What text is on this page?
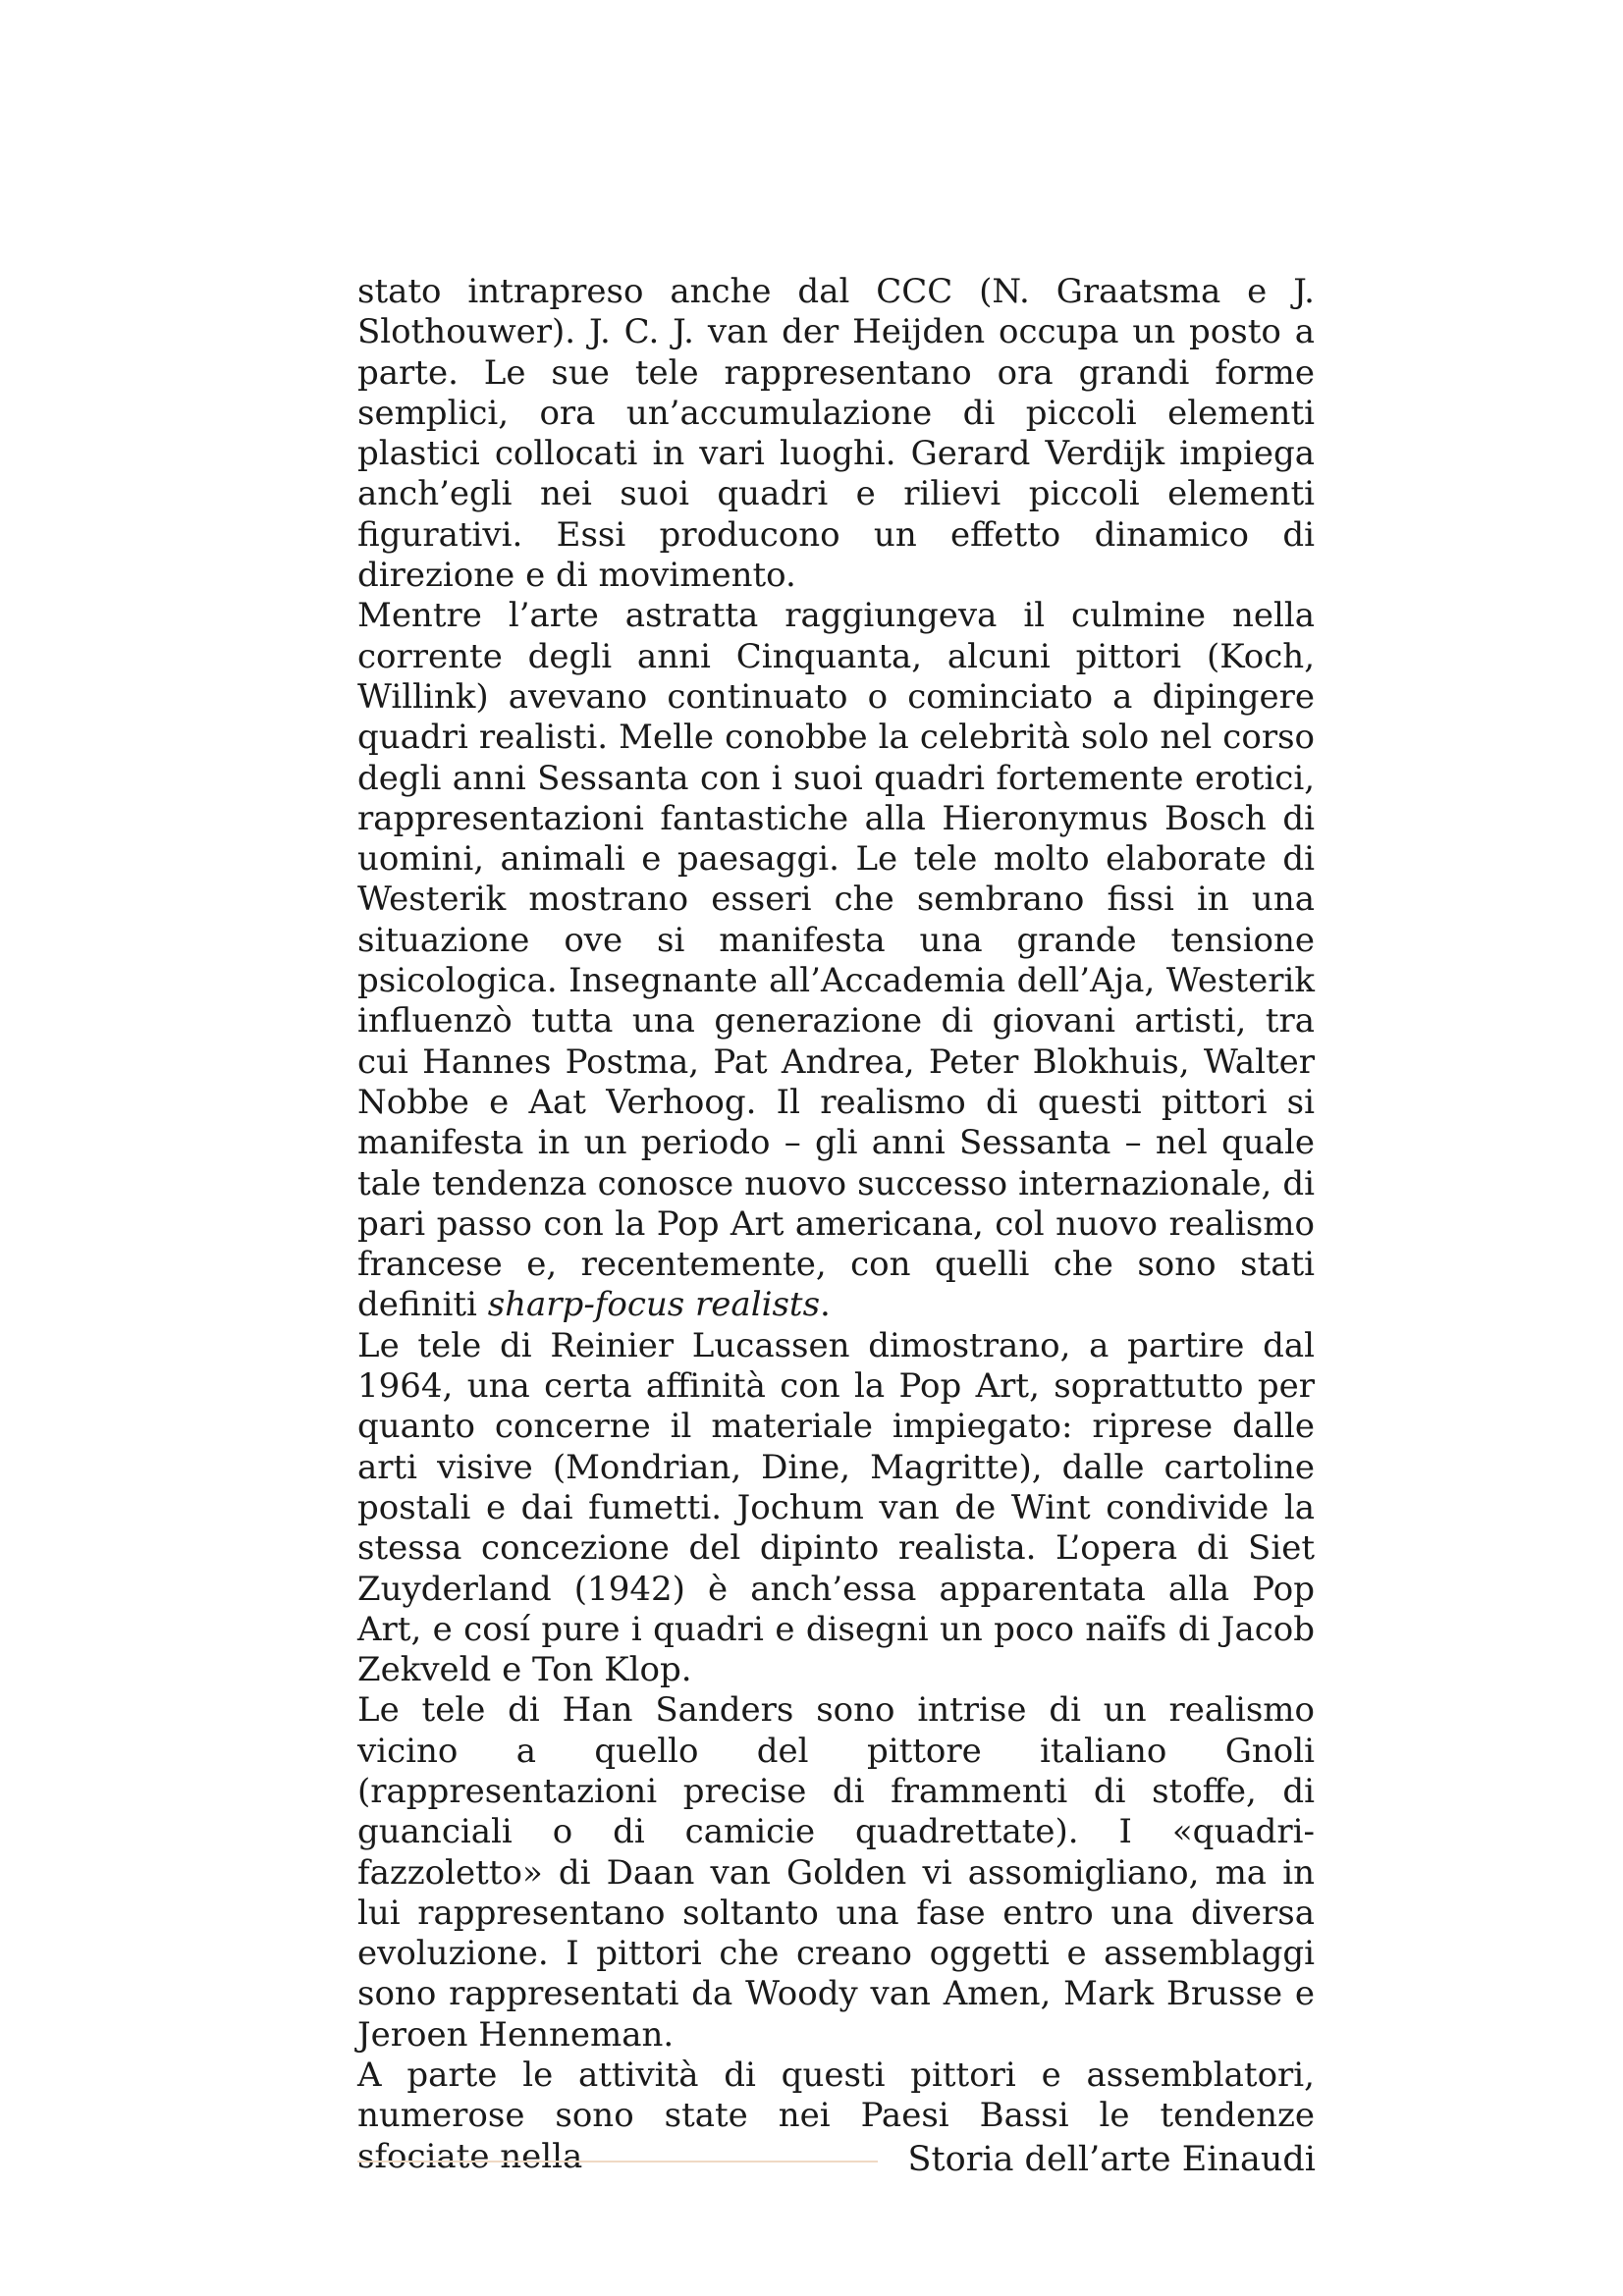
stato intrapreso anche dal CCC (N. Graatsma e J. Slothouwer). J. C. J. van der Heijden occupa un posto a parte. Le sue tele rappresentano ora grandi forme semplici, ora un’accumulazione di piccoli elementi plastici collocati in vari luoghi. Gerard Verdijk impiega anch’egli nei suoi quadri e rilievi piccoli elementi figurativi. Essi producono un effetto dinamico di direzione e di movimento.

Mentre l’arte astratta raggiungeva il culmine nella corrente degli anni Cinquanta, alcuni pittori (Koch, Willink) avevano continuato o cominciato a dipingere quadri realisti. Melle conobbe la celebrità solo nel corso degli anni Sessanta con i suoi quadri fortemente erotici, rappresentazioni fantastiche alla Hieronymus Bosch di uomini, animali e paesaggi. Le tele molto elaborate di Westerik mostrano esseri che sembrano fissi in una situazione ove si manifesta una grande tensione psicologica. Insegnante all’Accademia dell’Aja, Westerik influenzò tutta una generazione di giovani artisti, tra cui Hannes Postma, Pat Andrea, Peter Blokhuis, Walter Nobbe e Aat Verhoog. Il realismo di questi pittori si manifesta in un periodo – gli anni Sessanta – nel quale tale tendenza conosce nuovo successo internazionale, di pari passo con la Pop Art americana, col nuovo realismo francese e, recentemente, con quelli che sono stati definiti sharp-focus realists.

Le tele di Reinier Lucassen dimostrano, a partire dal 1964, una certa affinità con la Pop Art, soprattutto per quanto concerne il materiale impiegato: riprese dalle arti visive (Mondrian, Dine, Magritte), dalle cartoline postali e dai fumetti. Jochum van de Wint condivide la stessa concezione del dipinto realista. L’opera di Siet Zuyderland (1942) è anch’essa apparentata alla Pop Art, e cosí pure i quadri e disegni un poco naïfs di Jacob Zekveld e Ton Klop.

Le tele di Han Sanders sono intrise di un realismo vicino a quello del pittore italiano Gnoli (rappresentazioni precise di frammenti di stoffe, di guanciali o di camicie quadrettate). I «quadri-fazzoletto» di Daan van Golden vi assomigliano, ma in lui rappresentano soltanto una fase entro una diversa evoluzione. I pittori che creano oggetti e assemblaggi sono rappresentati da Woody van Amen, Mark Brusse e Jeroen Henneman.

A parte le attività di questi pittori e assemblatori, numerose sono state nei Paesi Bassi le tendenze sfociate nella	Storia dell’arte Einaudi
